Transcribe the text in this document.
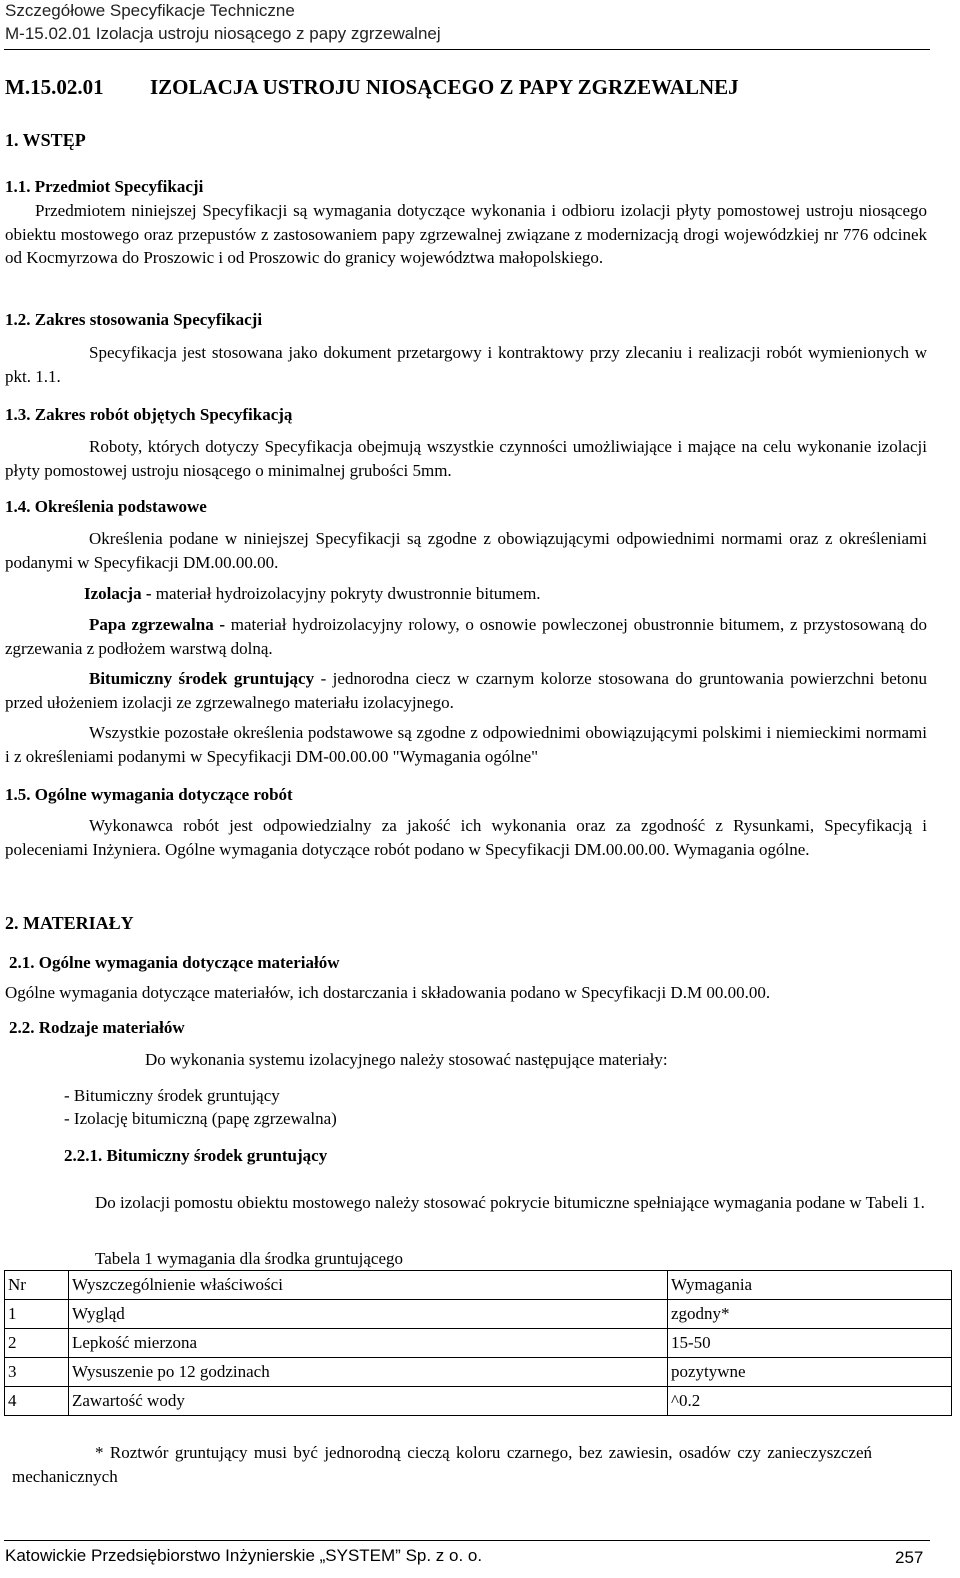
Szczegółowe Specyfikacje Techniczne
M-15.02.01 Izolacja ustroju niosącego z papy zgrzewalnej
M.15.02.01 IZOLACJA USTROJU NIOSĄCEGO Z PAPY ZGRZEWALNEJ
1. WSTĘP
1.1. Przedmiot Specyfikacji
Przedmiotem niniejszej Specyfikacji są wymagania dotyczące wykonania i odbioru izolacji płyty pomostowej ustroju niosącego obiektu mostowego oraz przepustów z zastosowaniem papy zgrzewalnej związane z modernizacją drogi wojewódzkiej nr 776 odcinek od Kocmyrzowa do Proszowic i od Proszowic do granicy województwa małopolskiego.
1.2. Zakres stosowania Specyfikacji
Specyfikacja jest stosowana jako dokument przetargowy i kontraktowy przy zlecaniu i realizacji robót wymienionych w pkt. 1.1.
1.3. Zakres robót objętych Specyfikacją
Roboty, których dotyczy Specyfikacja obejmują wszystkie czynności umożliwiające i mające na celu wykonanie izolacji płyty pomostowej ustroju niosącego o minimalnej grubości 5mm.
1.4. Określenia podstawowe
Określenia podane w niniejszej Specyfikacji są zgodne z obowiązującymi odpowiednimi normami oraz z określeniami podanymi w Specyfikacji DM.00.00.00.
Izolacja - materiał hydroizolacyjny pokryty dwustronnie bitumem.
Papa zgrzewalna - materiał hydroizolacyjny rolowy, o osnowie powleczonej obustronnie bitumem, z przystosowaną do zgrzewania z podłożem warstwą dolną.
Bitumiczny środek gruntujący - jednorodna ciecz w czarnym kolorze stosowana do gruntowania powierzchni betonu przed ułożeniem izolacji ze zgrzewalnego materiału izolacyjnego.
Wszystkie pozostałe określenia podstawowe są zgodne z odpowiednimi obowiązującymi polskimi i niemieckimi normami i z określeniami podanymi w Specyfikacji DM-00.00.00 "Wymagania ogólne"
1.5. Ogólne wymagania dotyczące robót
Wykonawca robót jest odpowiedzialny za jakość ich wykonania oraz za zgodność z Rysunkami, Specyfikacją i poleceniami Inżyniera. Ogólne wymagania dotyczące robót podano w Specyfikacji DM.00.00.00. Wymagania ogólne.
2. MATERIAŁY
2.1. Ogólne wymagania dotyczące materiałów
Ogólne wymagania dotyczące materiałów, ich dostarczania i składowania podano w Specyfikacji D.M 00.00.00.
2.2. Rodzaje materiałów
Do wykonania systemu izolacyjnego należy stosować następujące materiały:
- Bitumiczny środek gruntujący
- Izolację bitumiczną (papę zgrzewalna)
2.2.1. Bitumiczny środek gruntujący
Do izolacji pomostu obiektu mostowego należy stosować pokrycie bitumiczne spełniające wymagania podane w Tabeli 1.
Tabela 1 wymagania dla środka gruntującego
Nr	Wyszczególnienie właściwości	Wymagania
1	Wygląd	zgodny*
2	Lepkość mierzona	15-50
3	Wysuszenie po 12 godzinach	pozytywne
4	Zawartość wody	^0.2
* Roztwór gruntujący musi być jednorodną cieczą koloru czarnego, bez zawiesin, osadów czy zanieczyszczeń mechanicznych
Katowickie Przedsiębiorstwo Inżynierskie „SYSTEM” Sp. z o. o.	257
